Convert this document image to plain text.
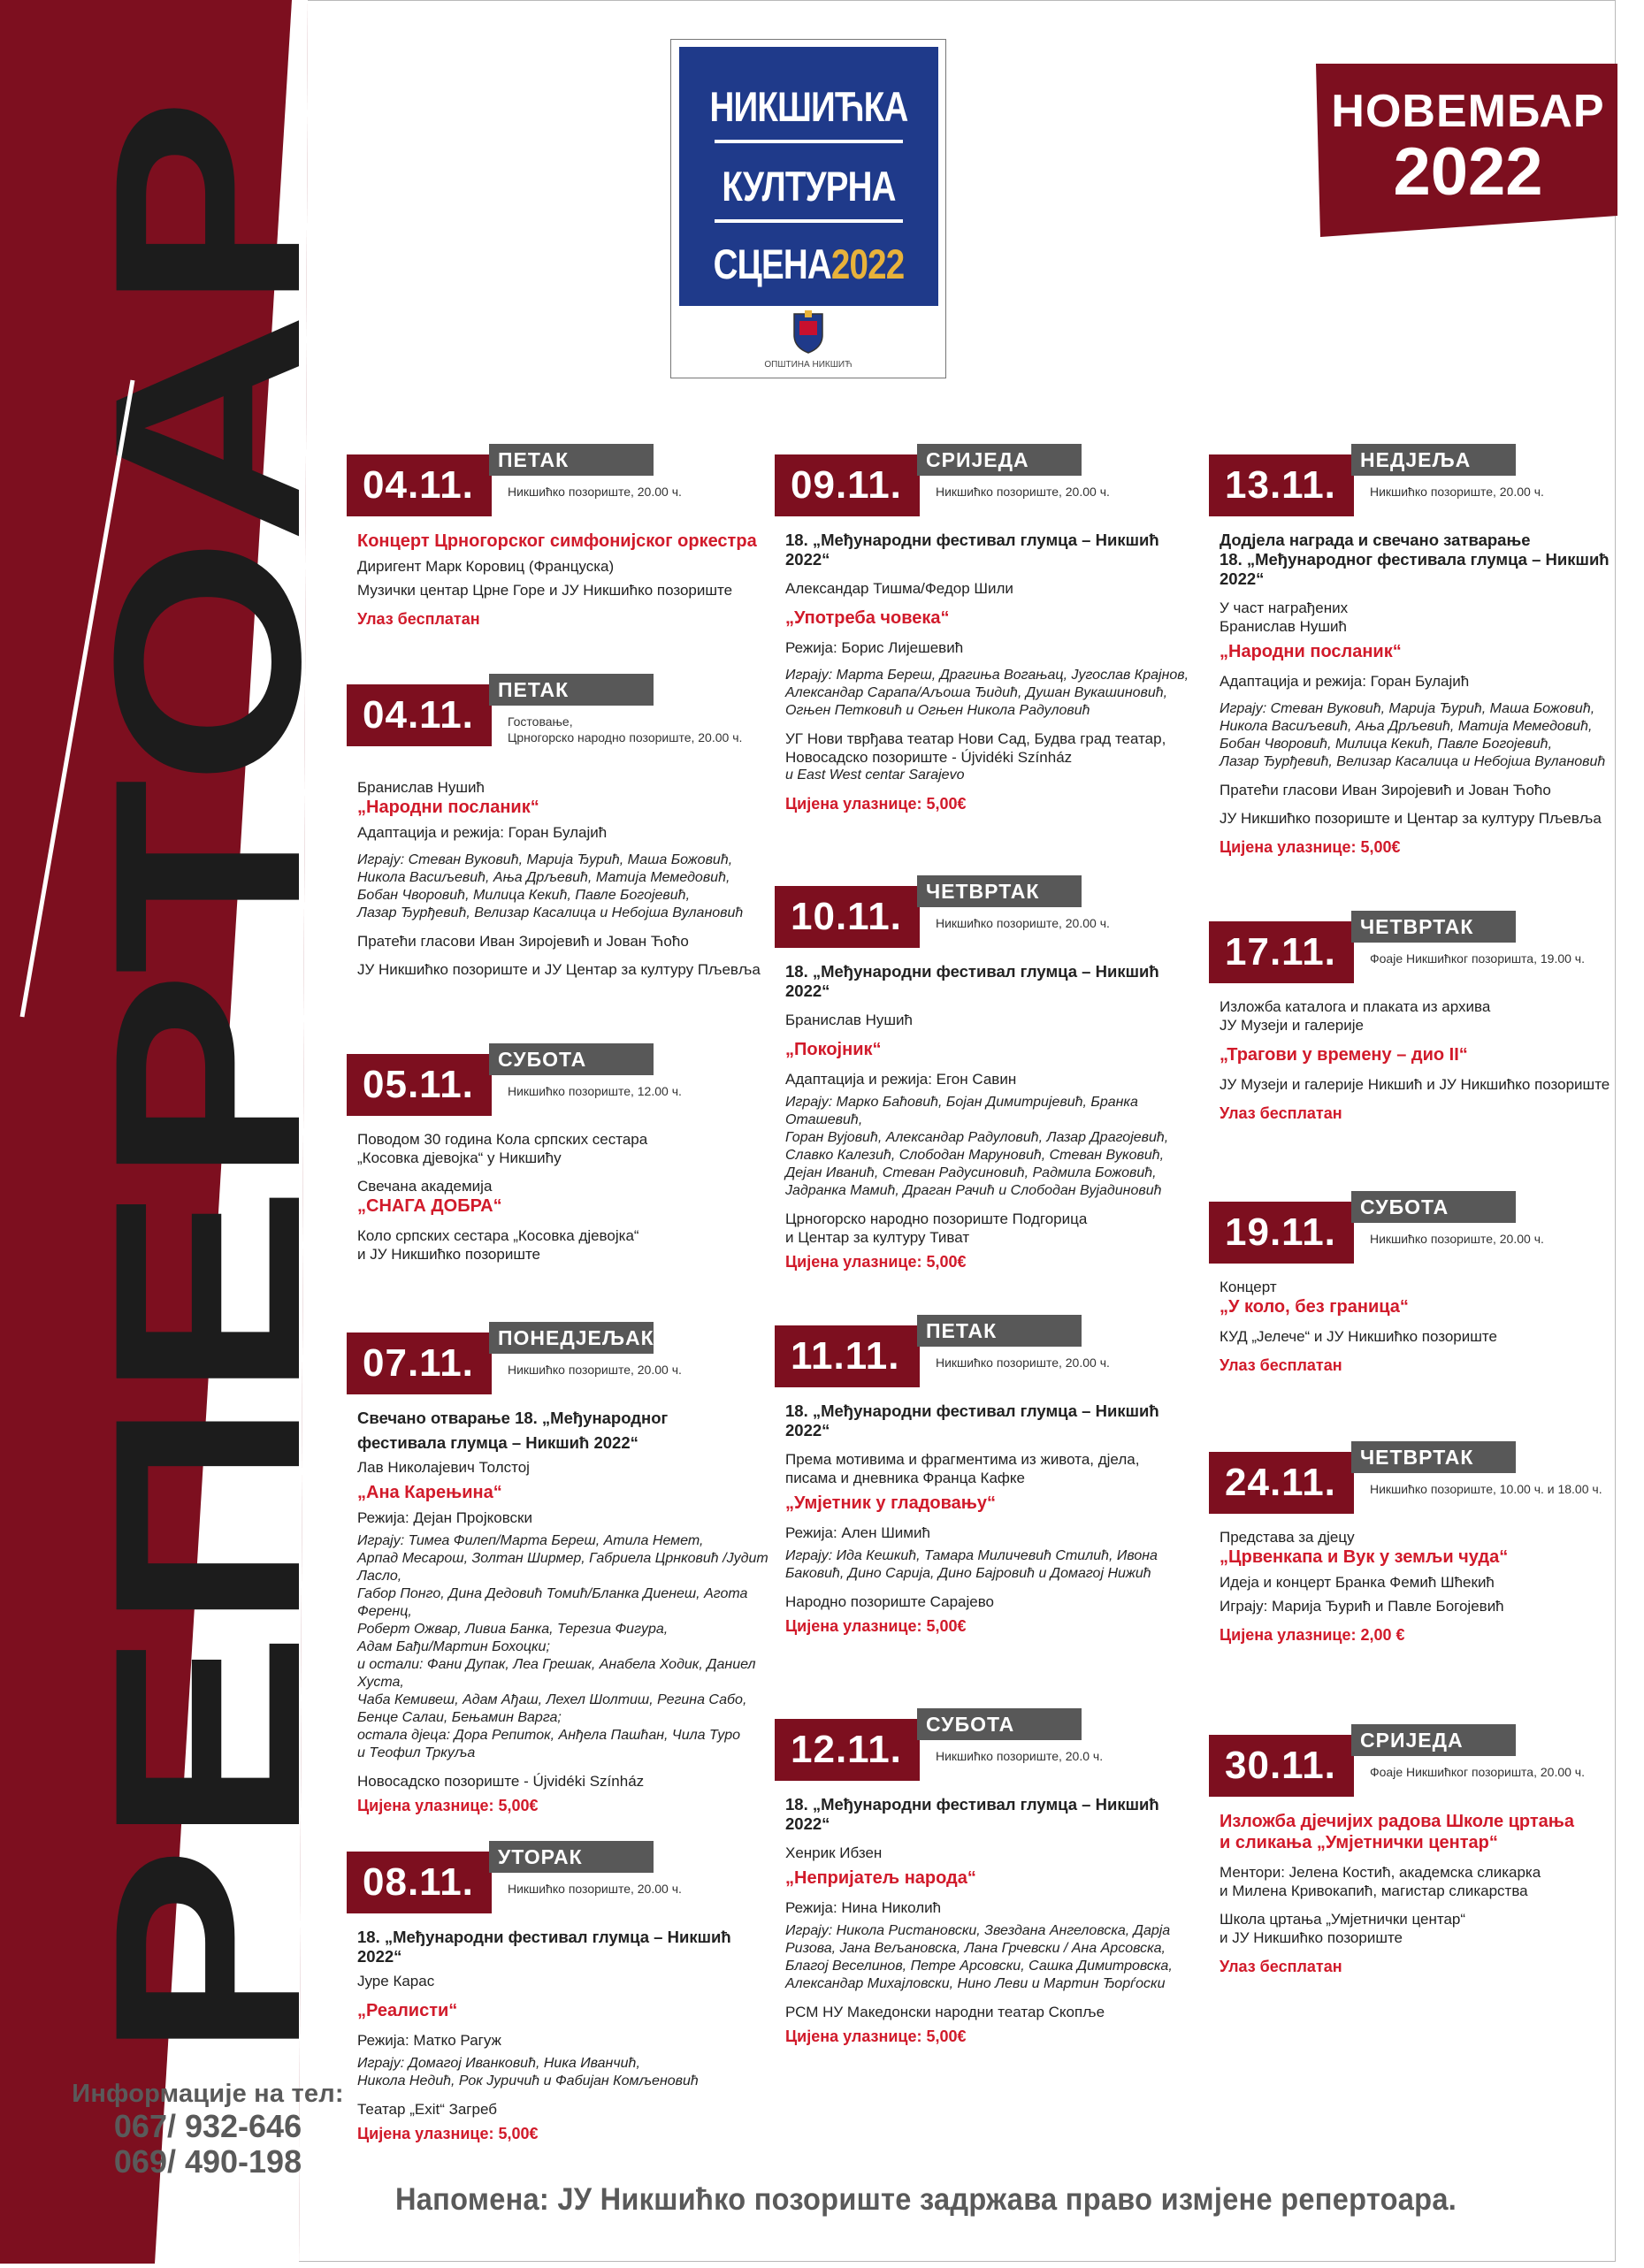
РЕПЕРТОАР
НИКШИЋКА
КУЛТУРНА
СЦЕНА2022
ОПШТИНА НИКШИЋ
НОВЕМБАР
2022
04.11.
ПЕТАК
Никшићко позориште, 20.00 ч.

Концерт Црногорског симфонијског оркестра

Диригент Марк Коровиц (Француска)

Музички центар Црне Горе и ЈУ Никшићко позориште

Улаз бесплатан

04.11.
ПЕТАК
Гостовање,
Црногорско народно позориште, 20.00 ч.

Бранислав Нушић

„Народни посланик“

Адаптација и режија: Горан Булајић

Играју: Стеван Вуковић, Марија Ђурић, Маша Божовић,

Никола Васиљевић, Ања Дрљевић, Матија Мемедовић,

Бобан Чворовић, Милица Кекић, Павле Богојевић,

Лазар Ђурђевић, Велизар Касалица и Небојша Вулановић

Пратећи гласови Иван Зиројевић и Јован Ћоћо

ЈУ Никшићко позориште и ЈУ Центар за културу Пљевља

05.11.
СУБОТА
Никшићко позориште, 12.00 ч.

Поводом 30 година Кола српских сестара

„Косовка дјевојка“ у Никшићу

Свечана академија

„СНАГА ДОБРА“

Коло српских сестара „Косовка дјевојка“

и ЈУ Никшићко позориште

07.11.
ПОНЕДЈЕЉАК
Никшићко позориште, 20.00 ч.

Свечано отварање 18. „Међународног

фестивала глумца – Никшић 2022“

Лав Николајевич Толстој

„Ана Карењина“

Режија: Дејан Пројковски

Играју: Тимеа Филеп/Марта Береш, Атила Немет,

Арпад Месарош, Золтан Ширмер, Габриела Црнковић /Јудит Ласло,

Габор Понго, Дина Дедовић Томић/Бланка Диенеш, Агота Ференц,

Роберт Ожвар, Ливиа Банка, Терезиа Фигура,

Адам Бађи/Мартин Бохоцки;

и остали: Фани Дупак, Леа Грешак, Анабела Ходик, Даниел Хуста,

Чаба Кемивеш, Адам Ађаш, Лехел Шолтиш, Регина Сабо,

Бенце Салаи, Бењамин Варга;

остала дјеца: Дора Репиток, Анђела Пашћан, Чила Туро

и Теофил Тркуља

Новосадско позориште - Újvidéki Színház

Цијена улазнице: 5,00€

08.11.
УТОРАК
Никшићко позориште, 20.00 ч.

18. „Међународни фестивал глумца – Никшић 2022“

Јуре Карас

„Реалисти“

Режија: Матко Рагуж

Играју: Домагој Иванковић, Ника Иванчић,

Никола Нeдић, Рок Јуричић и Фабијан Комљеновић

Театар „Exit“ Загреб

Цијена улазнице: 5,00€

09.11.
СРИЈЕДА
Никшићко позориште, 20.00 ч.

18. „Међународни фестивал глумца – Никшић 2022“

Александар Тишма/Федор Шили

„Употреба човека“

Режија: Борис Лијешевић

Играју: Марта Береш, Драгиња Вогањац, Југослав Крајнов,

Александар Сарапа/Аљоша Ђидић, Душан Вукашиновић,

Огњен Петковић и Огњен Никола Радуловић

УГ Нови тврђава театар Нови Сад, Будва град театар,

Новосадско позориште - Újvidéki Színház

и East West centar Sarajevo

Цијена улазнице: 5,00€

10.11.
ЧЕТВРТАК
Никшићко позориште, 20.00 ч.

18. „Међународни фестивал глумца – Никшић 2022“

Бранислав Нушић

„Покојник“

Адаптација и режија: Егон Савин

Играју: Марко Баћовић, Бојан Димитријевић, Бранка Оташевић,

Горан Вујовић, Александар Радуловић, Лазар Драгојевић,

Славко Калезић, Слободан Маруновић, Стеван Вуковић,

Дејан Иванић, Стеван Радусиновић, Радмила Божовић,

Јадранка Мамић, Драган Рачић и Слободан Вујадиновић

Црногорско народно позориште Подгорица

и Центар за културу Тиват

Цијена улазнице: 5,00€

11.11.
ПЕТАК
Никшићко позориште, 20.00 ч.

18. „Међународни фестивал глумца – Никшић 2022“

Према мотивима и фрагментима из живота, дјела,

писама и дневника Франца Кафке

„Умјетник у гладовању“

Режија: Ален Шимић

Играју: Ида Кешкић, Тамара Миличевић Стилић, Ивона

Баковић, Дино Сарија, Дино Бајровић и Домагој Нижић

Народно позориште Сарајево

Цијена улазнице: 5,00€

12.11.
СУБОТА
Никшићко позориште, 20.0 ч.

18. „Међународни фестивал глумца – Никшић 2022“

Хенрик Ибзен

„Непријатељ народа“

Режија: Нина Николић

Играју: Никола Ристановски, Звездана Ангеловска, Дарја

Ризова, Јана Вељановска, Лана Грчевски / Ана Арсовска,

Благој Веселинов, Петре Арсовски, Сашка Димитровска,

Александар Михајловски, Нино Леви и Мартин Ђорѓоски

РСМ НУ Македонски народни театар Скопље

Цијена улазнице: 5,00€

13.11.
НЕДЈЕЉА
Никшићко позориште, 20.00 ч.

Додјела награда и свечано затварање

18. „Међународног фестивала глумца – Никшић 2022“

У част награђених

Бранислав Нушић

„Народни посланик“

Адаптација и режија: Горан Булајић

Играју: Стеван Вуковић, Марија Ђурић, Маша Божовић,

Никола Васиљевић, Ања Дрљевић, Матија Мемедовић,

Бобан Чворовић, Милица Кекић, Павле Богојевић,

Лазар Ђурђевић, Велизар Касалица и Небојша Вулановић

Пратећи гласови Иван Зиројевић и Јован Ћоћо

ЈУ Никшићко позориште и Центар за културу Пљевља

Цијена улазнице: 5,00€

17.11.
ЧЕТВРТАК
Фоаје Никшићког позоришта, 19.00 ч.

Изложба каталога и плаката из архива

ЈУ Музеји и галерије

„Трагови у времену – дио II“

ЈУ Музеји и галерије Никшић и ЈУ Никшићко позориште

Улаз бесплатан

19.11.
СУБОТА
Никшићко позориште, 20.00 ч.

Концерт

„У коло, без граница“

КУД „Јелече“ и ЈУ Никшићко позориште

Улаз бесплатан

24.11.
ЧЕТВРТАК
Никшићко позориште, 10.00 ч. и 18.00 ч.

Представа за дјецу

„Црвенкапа и Вук у земљи чуда“

Идеја и концерт Бранка Фемић Шћекић

Играју: Марија Ђурић и Павле Богојевић

Цијена улазнице: 2,00 €

30.11.
СРИЈЕДА
Фоаје Никшићког позоришта, 20.00 ч.

Изложба дјечијих радова Школе цртања

и сликања „Умјетнички центар“

Ментори: Јелена Костић, академска сликарка

и Милена Кривокапић, магистар сликарства

Школа цртања „Умјетнички центар“

и ЈУ Никшићко позориште

Улаз бесплатан

Информације на тел:
067/ 932-646
069/ 490-198
Напомена: ЈУ Никшићко позориште задржава право измјене репертоара.
